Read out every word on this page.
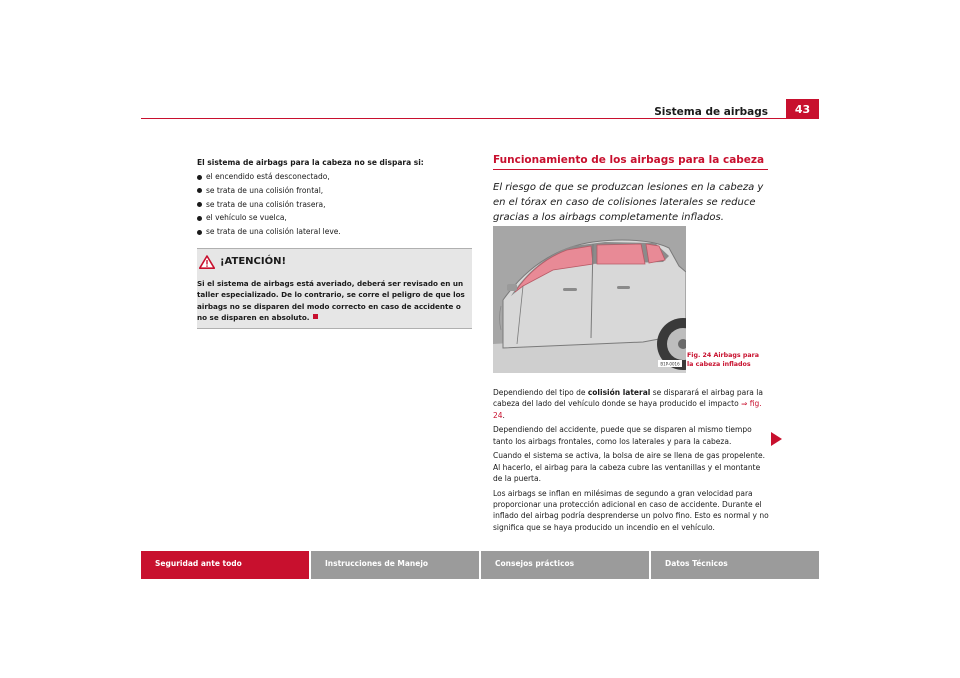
Sistema de airbags	43

El sistema de airbags para la cabeza no se dispara si:

el encendido está desconectado,
se trata de una colisión frontal,
se trata de una colisión trasera,
el vehículo se vuelca,
se trata de una colisión lateral leve.
¡ATENCIÓN!
Si el sistema de airbags está averiado, deberá ser revisado en un taller especializado. De lo contrario, se corre el peligro de que los airbags no se disparen del modo correcto en caso de accidente o no se disparen en absoluto.
Funcionamiento de los airbags para la cabeza

El riesgo de que se produzcan lesiones en la cabeza y en el tórax en caso de colisiones laterales se reduce gracias a los airbags completamente inflados.

B1P-0016
Fig. 24 Airbags para la cabeza inflados

Dependiendo del tipo de colisión lateral se disparará el airbag para la cabeza del lado del vehículo donde se haya producido el impacto ⇒ fig. 24.

Dependiendo del accidente, puede que se disparen al mismo tiempo tanto los airbags frontales, como los laterales y para la cabeza.

Cuando el sistema se activa, la bolsa de aire se llena de gas propelente. Al hacerlo, el airbag para la cabeza cubre las ventanillas y el montante de la puerta.

Los airbags se inflan en milésimas de segundo a gran velocidad para proporcionar una protección adicional en caso de accidente. Durante el inflado del airbag podría desprenderse un polvo fino. Esto es normal y no significa que se haya producido un incendio en el vehículo.

Seguridad ante todo	Instrucciones de Manejo	Consejos prácticos	Datos Técnicos
